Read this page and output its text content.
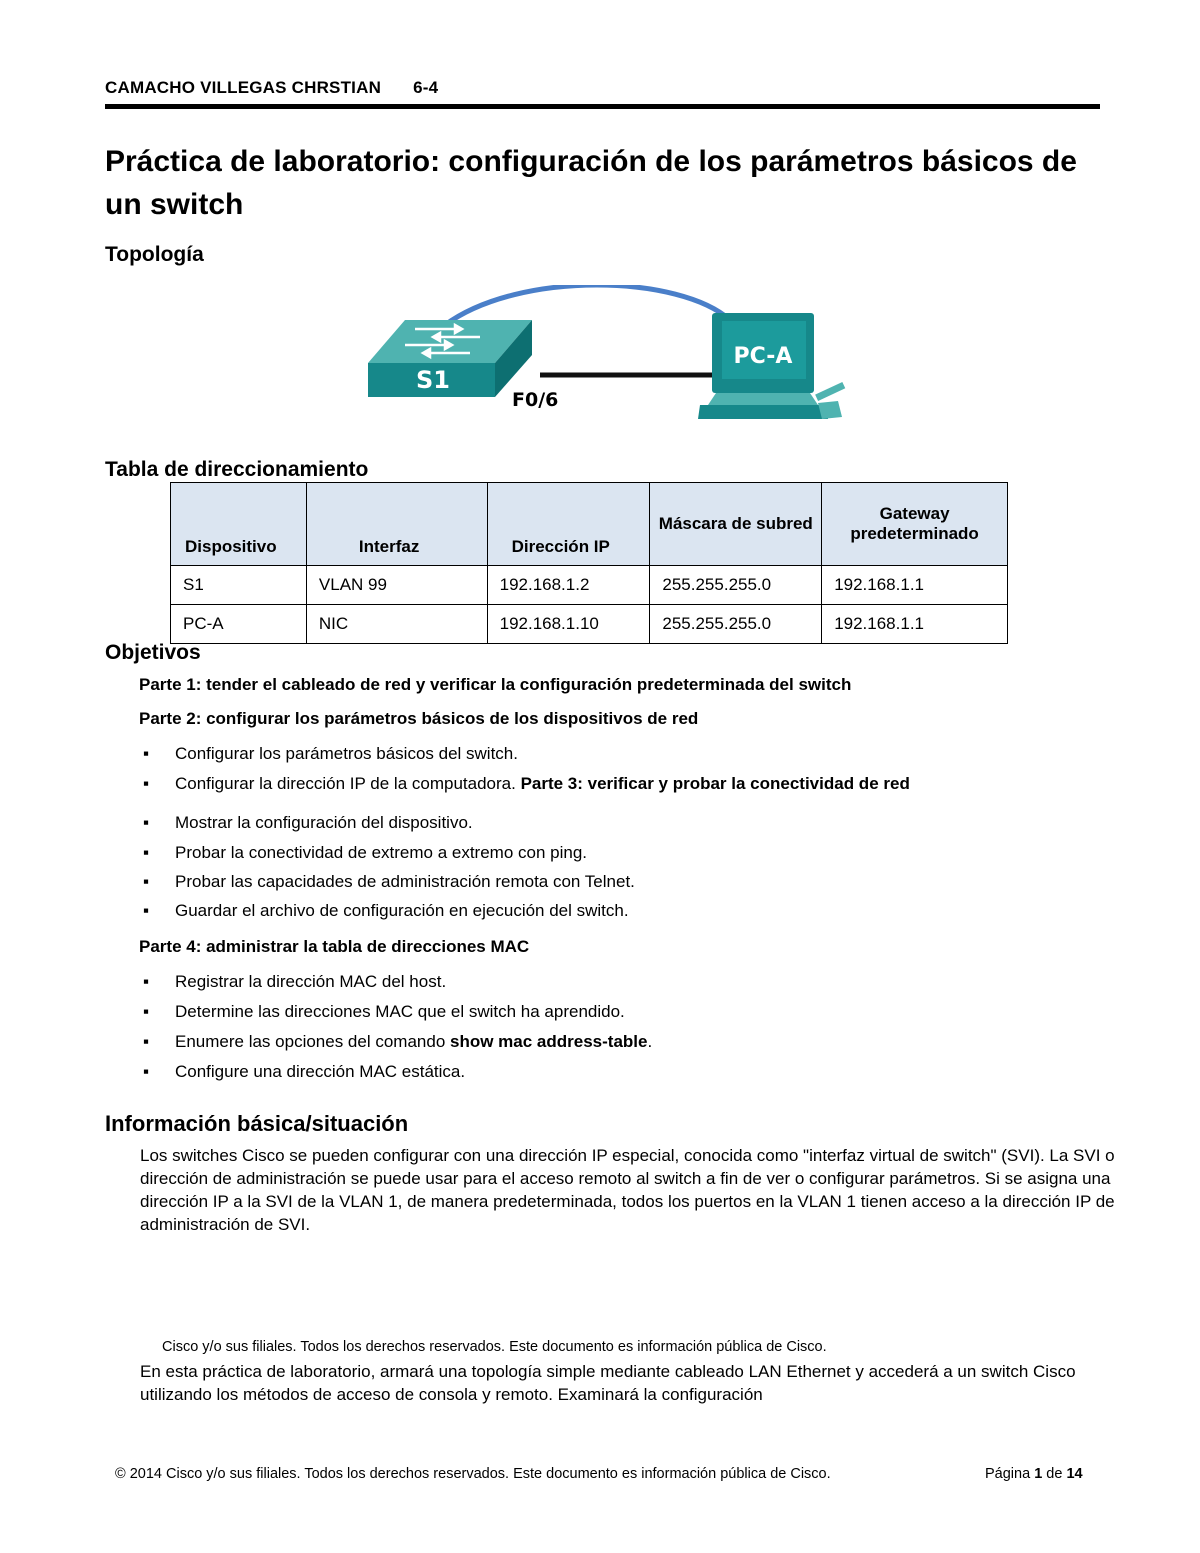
CAMACHO VILLEGAS CHRSTIAN 6-4
Práctica de laboratorio: configuración de los parámetros básicos de un switch
Topología
S1
PC-A
F0/6
Tabla de direccionamiento
Dispositivo	Interfaz	Dirección IP	Máscara de subred	Gateway predeterminado
S1	VLAN 99	192.168.1.2	255.255.255.0	192.168.1.1
PC-A	NIC	192.168.1.10	255.255.255.0	192.168.1.1
Objetivos
Parte 1: tender el cableado de red y verificar la configuración predeterminada del switch
Parte 2: configurar los parámetros básicos de los dispositivos de red
▪ Configurar los parámetros básicos del switch.
▪ Configurar la dirección IP de la computadora. Parte 3: verificar y probar la conectividad de red
▪ Mostrar la configuración del dispositivo.
▪ Probar la conectividad de extremo a extremo con ping.
▪ Probar las capacidades de administración remota con Telnet.
▪ Guardar el archivo de configuración en ejecución del switch.
Parte 4: administrar la tabla de direcciones MAC
▪ Registrar la dirección MAC del host.
▪ Determine las direcciones MAC que el switch ha aprendido.
▪ Enumere las opciones del comando show mac address-table.
▪ Configure una dirección MAC estática.
Información básica/situación
Los switches Cisco se pueden configurar con una dirección IP especial, conocida como "interfaz virtual de switch" (SVI). La SVI o dirección de administración se puede usar para el acceso remoto al switch a fin de ver o configurar parámetros. Si se asigna una dirección IP a la SVI de la VLAN 1, de manera predeterminada, todos los puertos en la VLAN 1 tienen acceso a la dirección IP de administración de SVI.
Cisco y/o sus filiales. Todos los derechos reservados. Este documento es información pública de Cisco.
En esta práctica de laboratorio, armará una topología simple mediante cableado LAN Ethernet y accederá a un switch Cisco utilizando los métodos de acceso de consola y remoto. Examinará la configuración
© 2014 Cisco y/o sus filiales. Todos los derechos reservados. Este documento es información pública de Cisco.	Página 1 de 14
